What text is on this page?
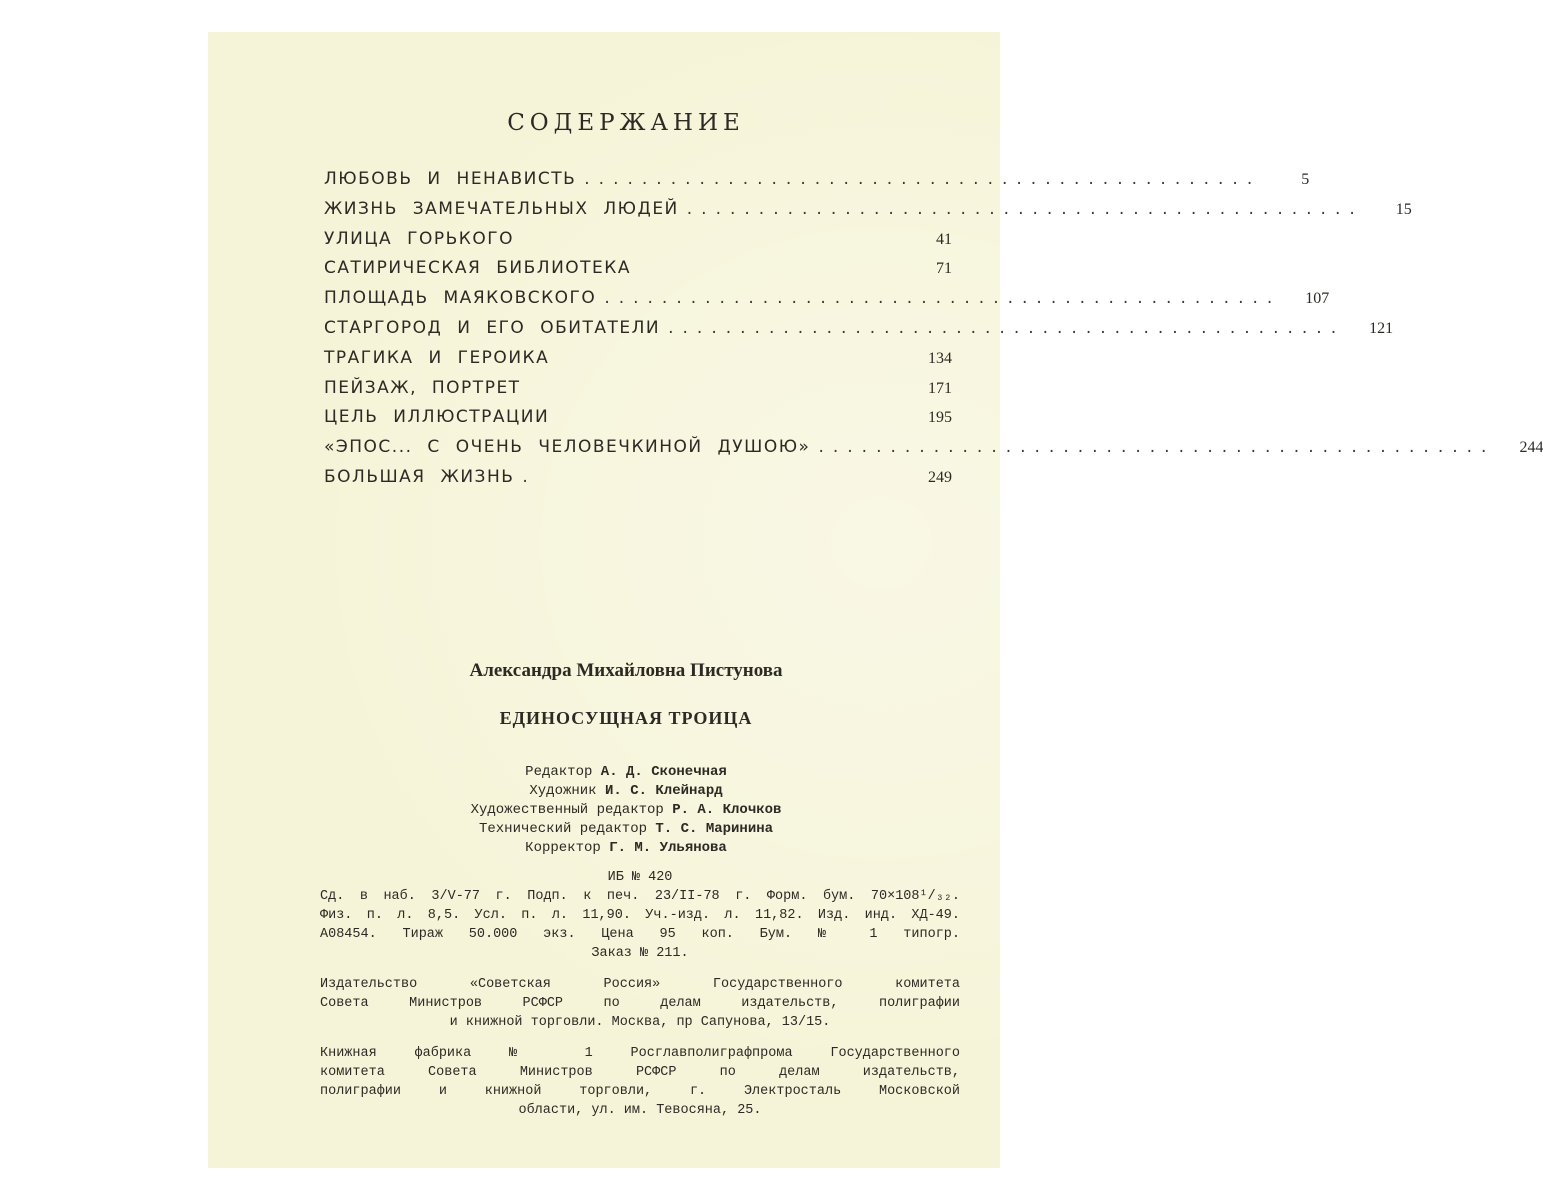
СОДЕРЖАНИЕ
ЛЮБОВЬ И НЕНАВИСТЬ ...............................................	5
ЖИЗНЬ ЗАМЕЧАТЕЛЬНЫХ ЛЮДЕЙ ...............................................	15
УЛИЦА ГОРЬКОГО	41
САТИРИЧЕСКАЯ БИБЛИОТЕКА	71
ПЛОЩАДЬ МАЯКОВСКОГО ...............................................	107
СТАРГОРОД И ЕГО ОБИТАТЕЛИ ...............................................	121
ТРАГИКА И ГЕРОИКА	134
ПЕЙЗАЖ, ПОРТРЕТ	171
ЦЕЛЬ ИЛЛЮСТРАЦИИ	195
«ЭПОС... С ОЧЕНЬ ЧЕЛОВЕЧКИНОЙ ДУШОЮ» ...............................................	244
БОЛЬШАЯ ЖИЗНЬ .	249
Александра Михайловна Пистунова
ЕДИНОСУЩНАЯ ТРОИЦА
Редактор А. Д. Сконечная
Художник И. С. Клейнард
Художественный редактор Р. А. Клочков
Технический редактор Т. С. Маринина
Корректор Г. М. Ульянова
ИБ № 420
Сд. в наб. 3/V-77 г. Подп. к печ. 23/II-78 г. Форм. бум. 70×108¹/₃₂.
Физ. п. л. 8,5. Усл. п. л. 11,90. Уч.-изд. л. 11,82. Изд. инд. ХД-49.
А08454. Тираж 50.000 экз. Цена 95 коп. Бум. № 1 типогр.
Заказ № 211.
Издательство «Советская Россия» Государственного комитета
Совета Министров РСФСР по делам издательств, полиграфии
и книжной торговли. Москва, пр Сапунова, 13/15.
Книжная фабрика № 1 Росглавполиграфпрома Государственного
комитета Совета Министров РСФСР по делам издательств,
полиграфии и книжной торговли, г. Электросталь Московской
области, ул. им. Тевосяна, 25.
